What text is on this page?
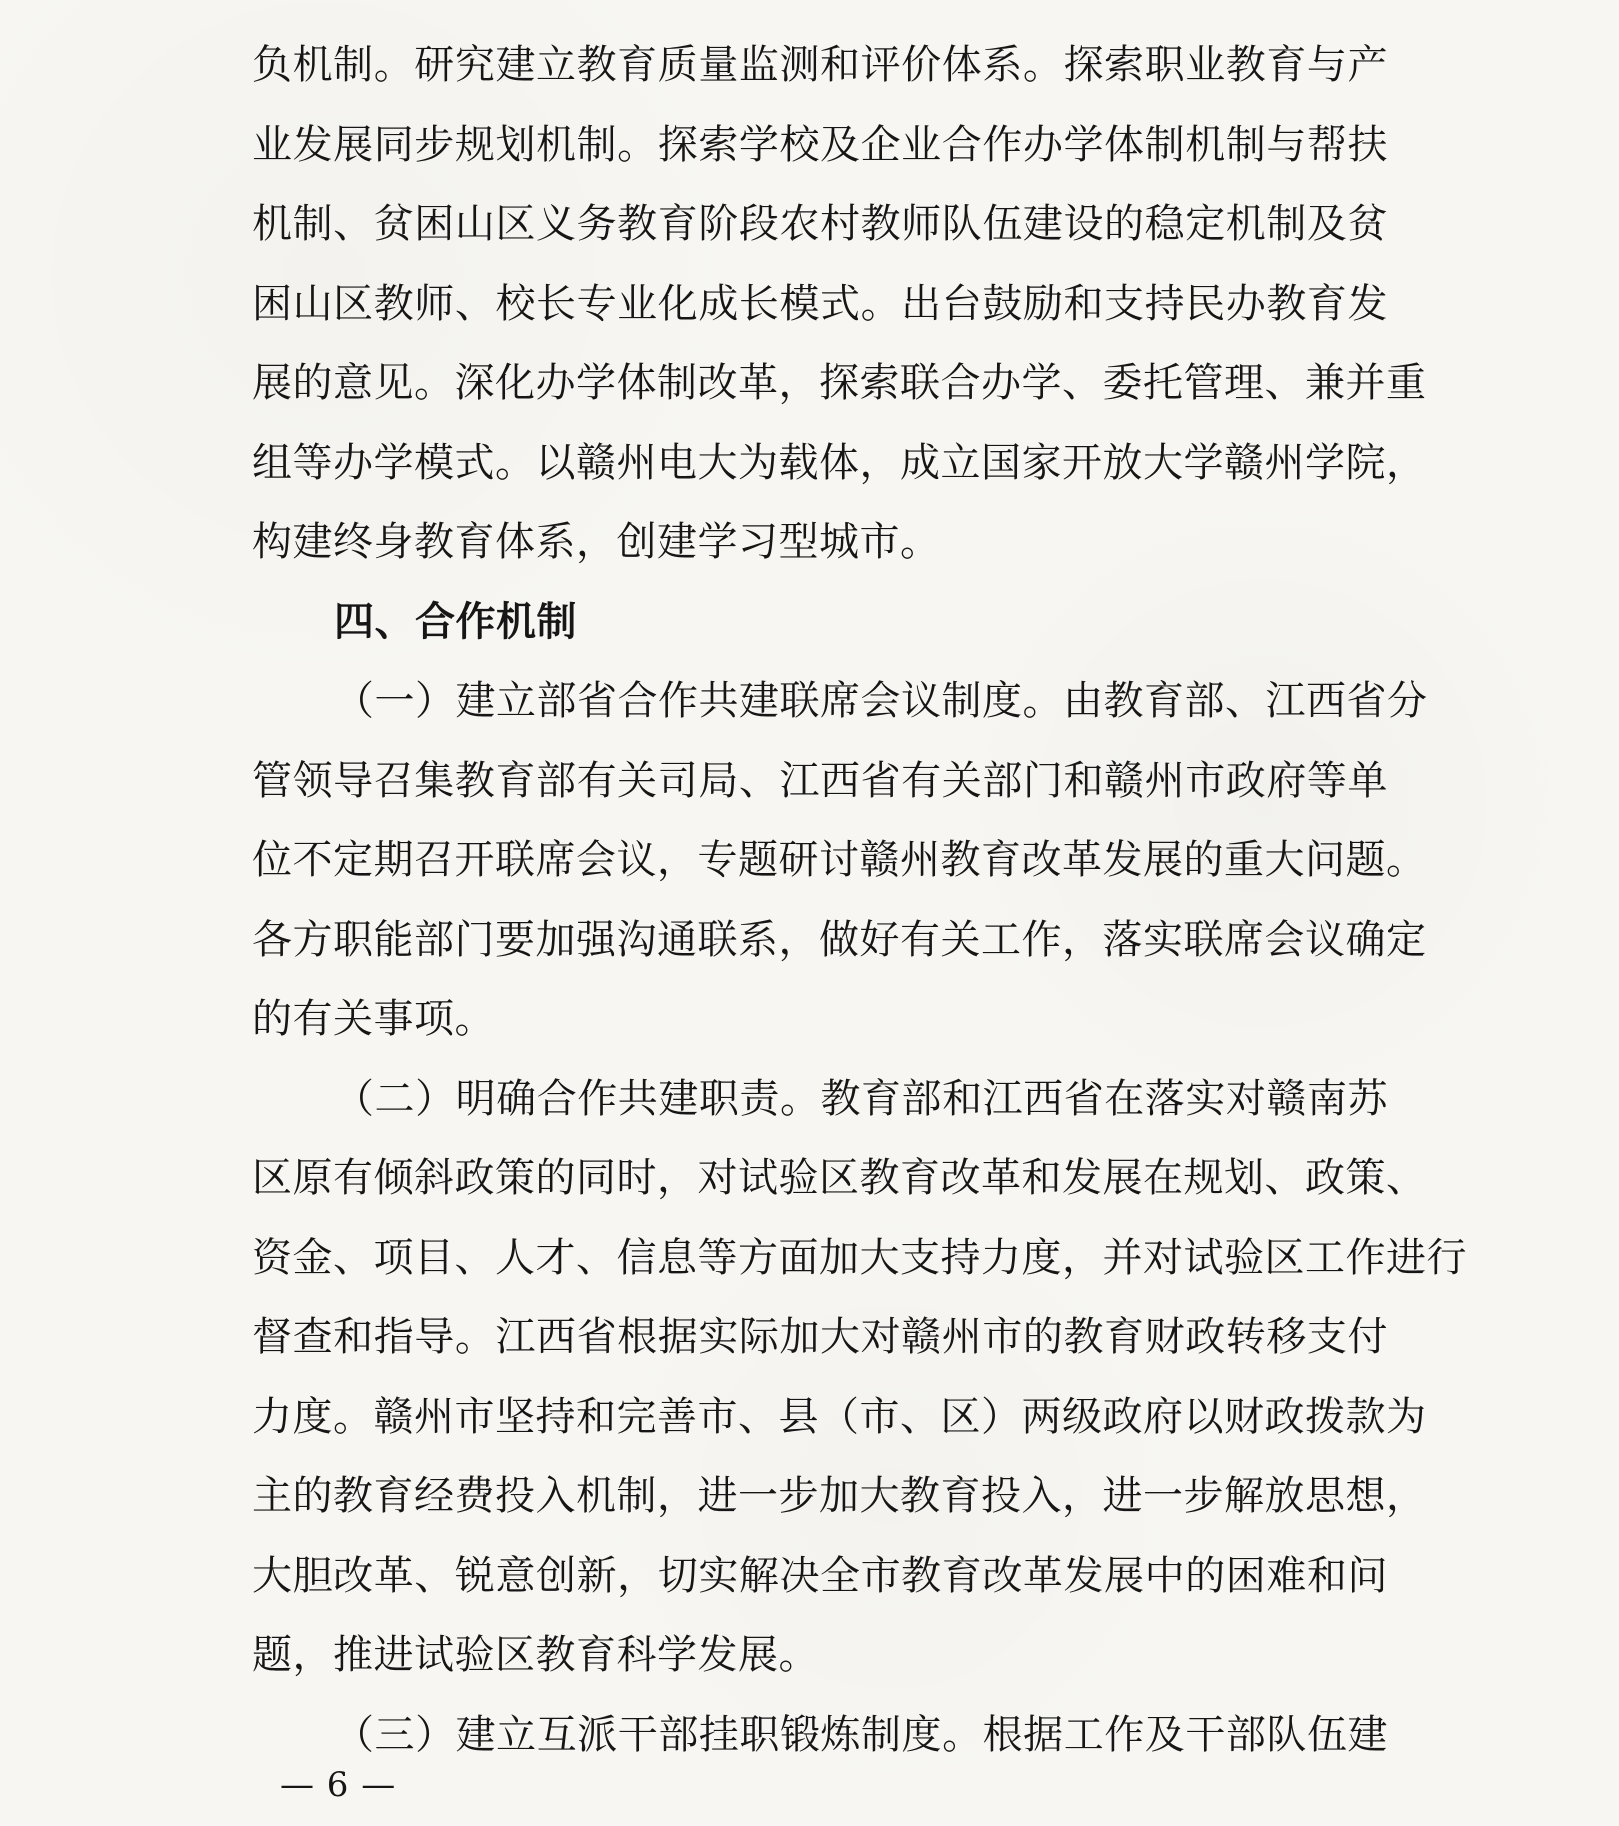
负机制。研究建立教育质量监测和评价体系。探索职业教育与产
业发展同步规划机制。探索学校及企业合作办学体制机制与帮扶
机制、贫困山区义务教育阶段农村教师队伍建设的稳定机制及贫
困山区教师、校长专业化成长模式。出台鼓励和支持民办教育发
展的意见。深化办学体制改革，探索联合办学、委托管理、兼并重
组等办学模式。以赣州电大为载体，成立国家开放大学赣州学院，
构建终身教育体系，创建学习型城市。
四、合作机制
（一）建立部省合作共建联席会议制度。由教育部、江西省分
管领导召集教育部有关司局、江西省有关部门和赣州市政府等单
位不定期召开联席会议，专题研讨赣州教育改革发展的重大问题。
各方职能部门要加强沟通联系，做好有关工作，落实联席会议确定
的有关事项。
（二）明确合作共建职责。教育部和江西省在落实对赣南苏
区原有倾斜政策的同时，对试验区教育改革和发展在规划、政策、
资金、项目、人才、信息等方面加大支持力度，并对试验区工作进行
督查和指导。江西省根据实际加大对赣州市的教育财政转移支付
力度。赣州市坚持和完善市、县（市、区）两级政府以财政拨款为
主的教育经费投入机制，进一步加大教育投入，进一步解放思想，
大胆改革、锐意创新，切实解决全市教育改革发展中的困难和问
题，推进试验区教育科学发展。
（三）建立互派干部挂职锻炼制度。根据工作及干部队伍建
— 6 —
